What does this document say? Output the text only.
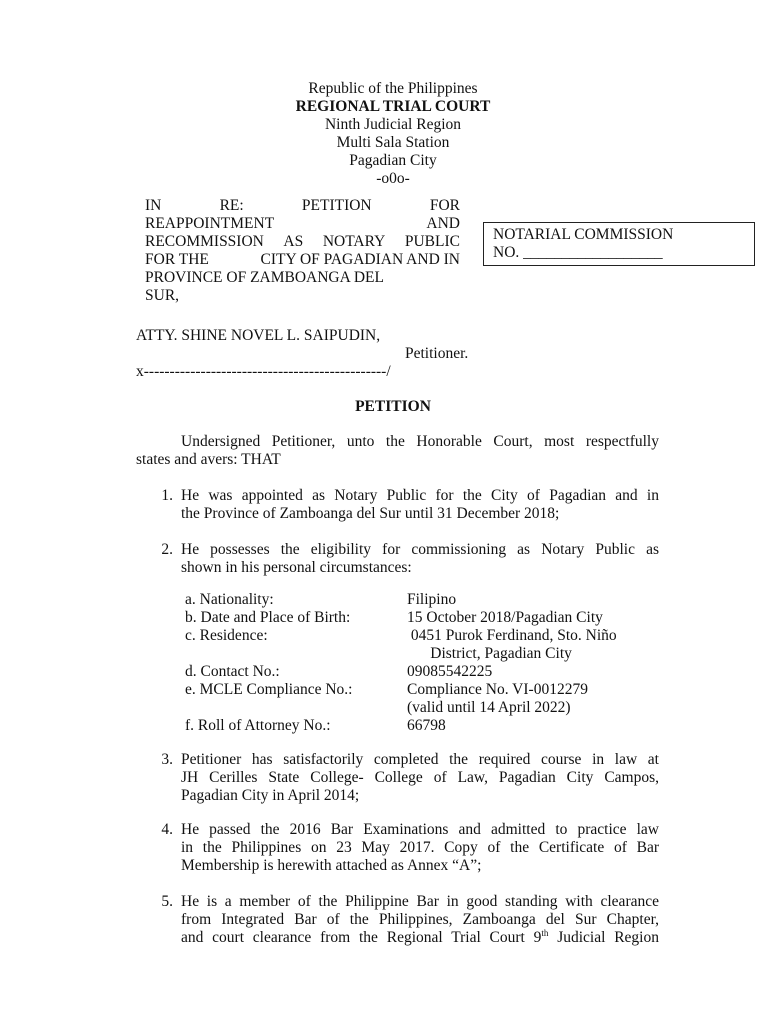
Republic of the Philippines
REGIONAL TRIAL COURT
Ninth Judicial Region
Multi Sala Station
Pagadian City
-o0o-
IN	RE:	PETITION	FOR
REAPPOINTMENT	AND
RECOMMISSION AS NOTARY PUBLIC
FOR THE	CITY OF PAGADIAN AND IN
PROVINCE OF ZAMBOANGA DEL
SUR,
NOTARIAL COMMISSION
NO. __________________
ATTY. SHINE NOVEL L. SAIPUDIN,
Petitioner.
x-----------------------------------------------/
PETITION
Undersigned Petitioner, unto the Honorable Court, most respectfully
states and avers: THAT
1. He was appointed as Notary Public for the City of Pagadian and in
the Province of Zamboanga del Sur until 31 December 2018;
2. He possesses the eligibility for commissioning as Notary Public as
shown in his personal circumstances:
a. Nationality:	Filipino
b. Date and Place of Birth:	15 October 2018/Pagadian City
c. Residence:	0451 Purok Ferdinand, Sto. Niño
District, Pagadian City
d. Contact No.:	09085542225
e. MCLE Compliance No.:	Compliance No. VI-0012279
(valid until 14 April 2022)
f. Roll of Attorney No.:	66798
3. Petitioner has satisfactorily completed the required course in law at
JH Cerilles State College- College of Law, Pagadian City Campos,
Pagadian City in April 2014;
4. He passed the 2016 Bar Examinations and admitted to practice law
in the Philippines on 23 May 2017. Copy of the Certificate of Bar
Membership is herewith attached as Annex “A”;
5. He is a member of the Philippine Bar in good standing with clearance
from Integrated Bar of the Philippines, Zamboanga del Sur Chapter,
and court clearance from the Regional Trial Court 9th Judicial Region
